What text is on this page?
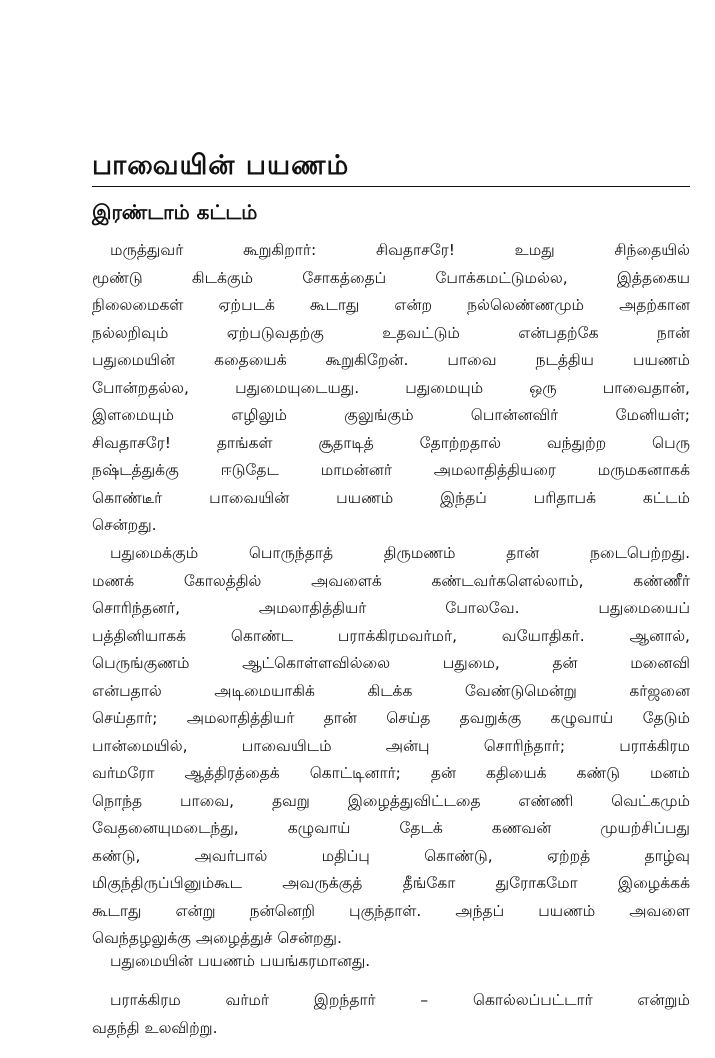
பாவையின் பயணம்
இரண்டாம் கட்டம்
மருத்துவர் கூறுகிறார்: சிவதாசரே! உமது சிந்தையில்
மூண்டு கிடக்கும் சோகத்தைப் போக்கமட்டுமல்ல, இத்தகைய
நிலைமைகள் ஏற்படக் கூடாது என்ற நல்லெண்ணமும் அதற்கான
நல்லறிவும் ஏற்படுவதற்கு உதவட்டும் என்பதற்கே நான்
பதுமையின் கதையைக் கூறுகிறேன். பாவை நடத்திய பயணம்
போன்றதல்ல, பதுமையுடையது. பதுமையும் ஒரு பாவைதான்,
இளமையும் எழிலும் குலுங்கும் பொன்னவிர் மேனியள்;
சிவதாசரே! தாங்கள் சூதாடித் தோற்றதால் வந்துற்ற பெரு
நஷ்டத்துக்கு ஈடுதேட மாமன்னர் அமலாதித்தியரை மருமகனாகக்
கொண்டீர் பாவையின் பயணம் இந்தப் பரிதாபக் கட்டம்
சென்றது.
பதுமைக்கும் பொருந்தாத் திருமணம் தான் நடைபெற்றது.
மணக் கோலத்தில் அவளைக் கண்டவர்களெல்லாம், கண்ணீர்
சொரிந்தனர், அமலாதித்தியர் போலவே. பதுமையைப்
பத்தினியாகக் கொண்ட பராக்கிரமவர்மர், வயோதிகர். ஆனால்,
பெருங்குணம் ஆட்கொள்ளவில்லை பதுமை, தன் மனைவி
என்பதால் அடிமையாகிக் கிடக்க வேண்டுமென்று கர்ஜனை
செய்தார்; அமலாதித்தியர் தான் செய்த தவறுக்கு கழுவாய் தேடும்
பான்மையில், பாவையிடம் அன்பு சொரிந்தார்; பராக்கிரம
வர்மரோ ஆத்திரத்தைக் கொட்டினார்; தன் கதியைக் கண்டு மனம்
நொந்த பாவை, தவறு இழைத்துவிட்டதை எண்ணி வெட்கமும்
வேதனையுமடைந்து, கழுவாய் தேடக் கணவன் முயற்சிப்பது
கண்டு, அவர்பால் மதிப்பு கொண்டு, ஏற்றத் தாழ்வு
மிகுந்திருப்பினும்கூட அவருக்குத் தீங்கோ துரோகமோ இழைக்கக்
கூடாது என்று நன்னெறி புகுந்தாள். அந்தப் பயணம் அவளை
வெந்தழலுக்கு அழைத்துச் சென்றது.
பதுமையின் பயணம் பயங்கரமானது.
பராக்கிரம வர்மர் இறந்தார் – கொல்லப்பட்டார் என்றும்
வதந்தி உலவிற்று.
